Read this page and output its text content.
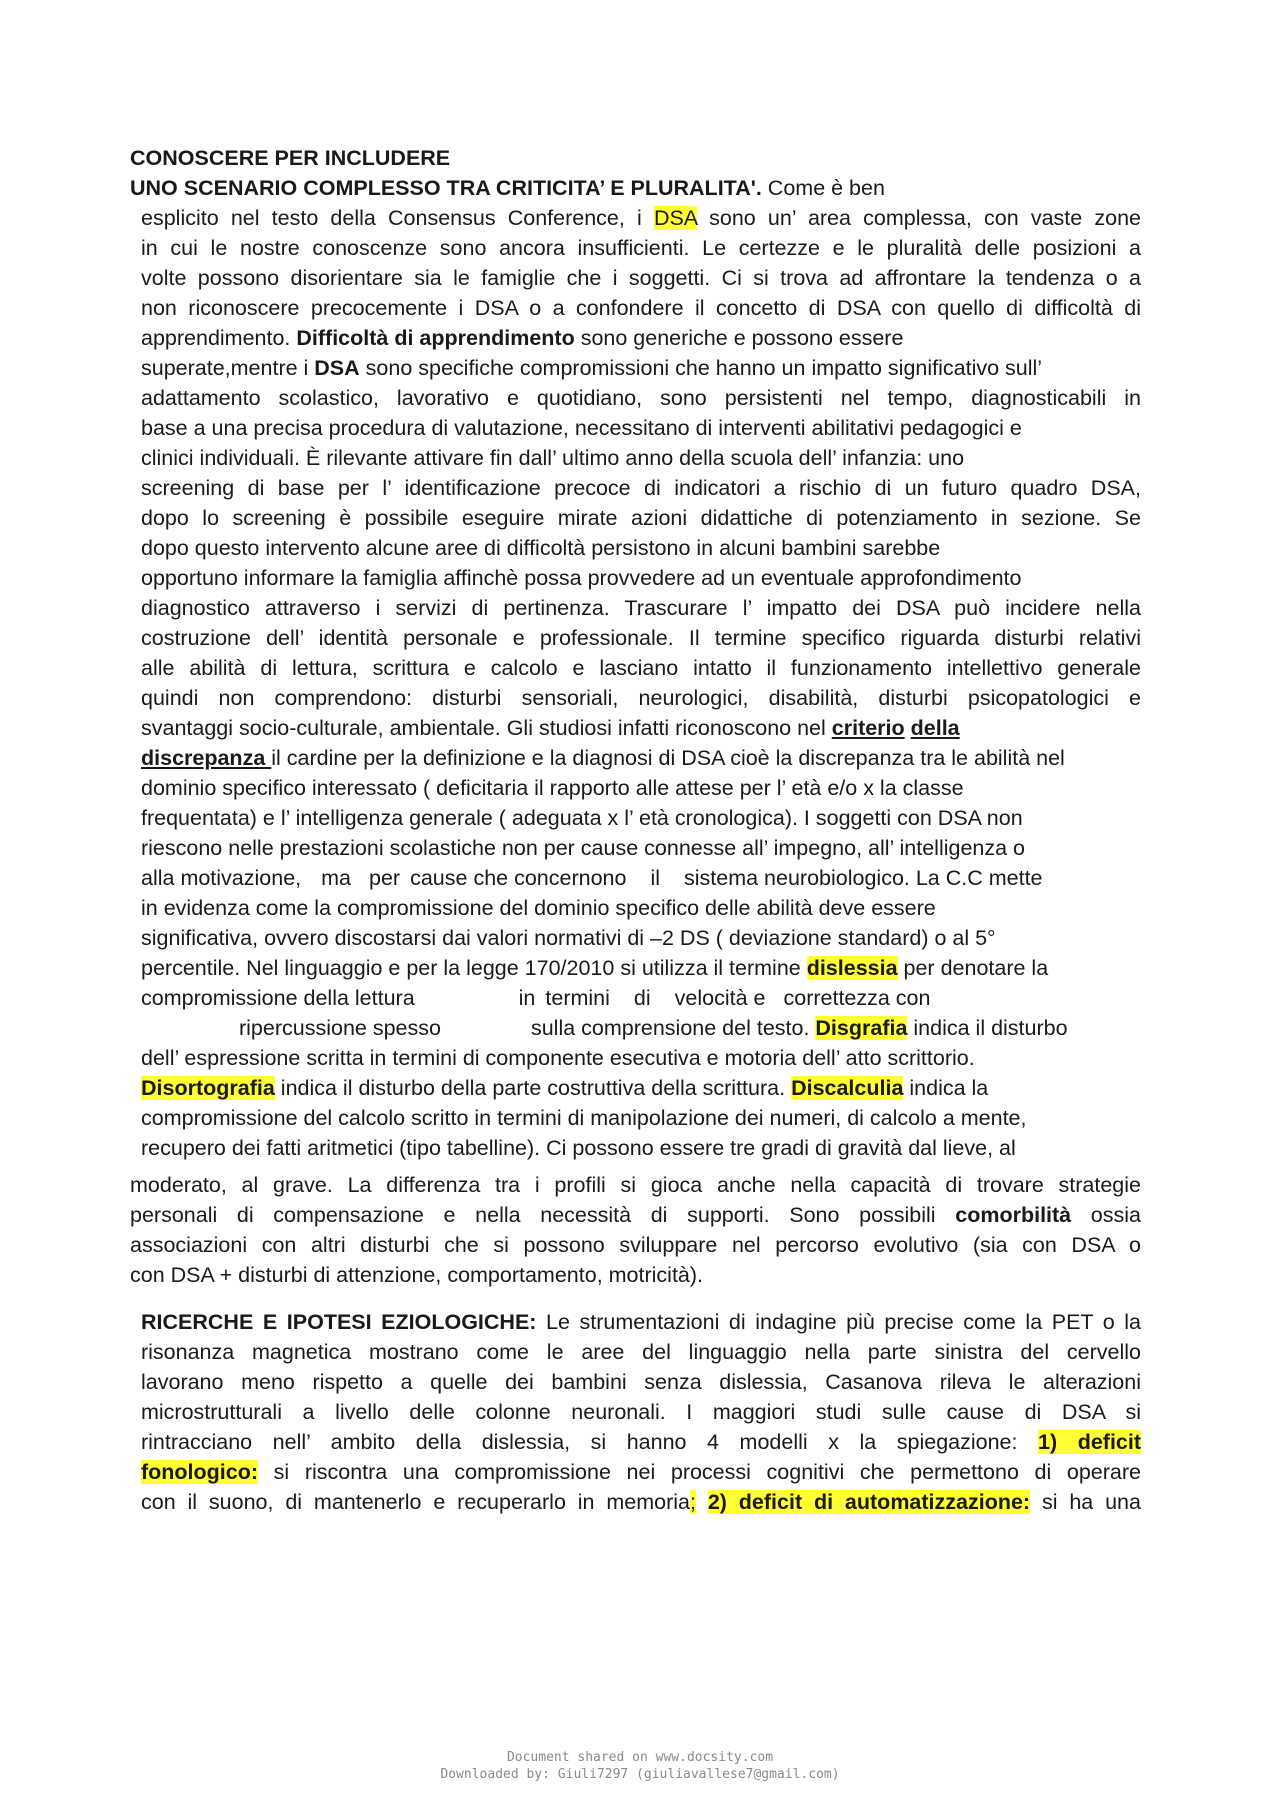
CONOSCERE PER INCLUDERE

UNO SCENARIO COMPLESSO TRA CRITICITA’ E PLURALITA'. Come è ben

esplicito nel testo della Consensus Conference, i DSA sono un’ area complessa, con vaste zone

in cui le nostre conoscenze sono ancora insufficienti. Le certezze e le pluralità delle posizioni a

volte possono disorientare sia le famiglie che i soggetti. Ci si trova ad affrontare la tendenza o a

non riconoscere precocemente i DSA o a confondere il concetto di DSA con quello di difficoltà di

apprendimento. Difficoltà di apprendimento sono generiche e possono essere

superate,mentre i DSA sono specifiche compromissioni che hanno un impatto significativo sull’

adattamento scolastico, lavorativo e quotidiano, sono persistenti nel tempo, diagnosticabili in

base a una precisa procedura di valutazione, necessitano di interventi abilitativi pedagogici e

clinici individuali. È rilevante attivare fin dall’ ultimo anno della scuola dell’ infanzia: uno

screening di base per l’ identificazione precoce di indicatori a rischio di un futuro quadro DSA,

dopo lo screening è possibile eseguire mirate azioni didattiche di potenziamento in sezione. Se

dopo questo intervento alcune aree di difficoltà persistono in alcuni bambini sarebbe

opportuno informare la famiglia affinchè possa provvedere ad un eventuale approfondimento

diagnostico attraverso i servizi di pertinenza. Trascurare l’ impatto dei DSA può incidere nella

costruzione dell’ identità personale e professionale. Il termine specifico riguarda disturbi relativi

alle abilità di lettura, scrittura e calcolo e lasciano intatto il funzionamento intellettivo generale

quindi non comprendono: disturbi sensoriali, neurologici, disabilità, disturbi psicopatologici e

svantaggi socio-culturale, ambientale. Gli studiosi infatti riconoscono nel criterio della

discrepanza il cardine per la definizione e la diagnosi di DSA cioè la discrepanza tra le abilità nel

dominio specifico interessato ( deficitaria il rapporto alle attese per l’ età e/o x la classe

frequentata) e l’ intelligenza generale ( adeguata x l’ età cronologica). I soggetti con DSA non

riescono nelle prestazioni scolastiche non per cause connesse all’ impegno, all’ intelligenza o

alla motivazione, ma per cause che concernono il sistema neurobiologico. La C.C mette

in evidenza come la compromissione del dominio specifico delle abilità deve essere

significativa, ovvero discostarsi dai valori normativi di –2 DS ( deviazione standard) o al 5°

percentile. Nel linguaggio e per la legge 170/2010 si utilizza il termine dislessia per denotare la

compromissione della lettura	in termini di velocità e correttezza con

ripercussione spesso	sulla comprensione del testo. Disgrafia indica il disturbo

dell’ espressione scritta in termini di componente esecutiva e motoria dell’ atto scrittorio.

Disortografia indica il disturbo della parte costruttiva della scrittura. Discalculia indica la

compromissione del calcolo scritto in termini di manipolazione dei numeri, di calcolo a mente,

recupero dei fatti aritmetici (tipo tabelline). Ci possono essere tre gradi di gravità dal lieve, al

moderato, al grave. La differenza tra i profili si gioca anche nella capacità di trovare strategie

personali di compensazione e nella necessità di supporti. Sono possibili comorbilità ossia

associazioni con altri disturbi che si possono sviluppare nel percorso evolutivo (sia con DSA o

con DSA + disturbi di attenzione, comportamento, motricità).

RICERCHE E IPOTESI EZIOLOGICHE: Le strumentazioni di indagine più precise come la PET o la

risonanza magnetica mostrano come le aree del linguaggio nella parte sinistra del cervello

lavorano meno rispetto a quelle dei bambini senza dislessia, Casanova rileva le alterazioni

microstrutturali a livello delle colonne neuronali. I maggiori studi sulle cause di DSA si

rintracciano nell’ ambito della dislessia, si hanno 4 modelli x la spiegazione: 1) deficit

fonologico: si riscontra una compromissione nei processi cognitivi che permettono di operare

con il suono, di mantenerlo e recuperarlo in memoria; 2) deficit di automatizzazione: si ha una

Document shared on www.docsity.com
Downloaded by: Giuli7297 (giuliavallese7@gmail.com)
